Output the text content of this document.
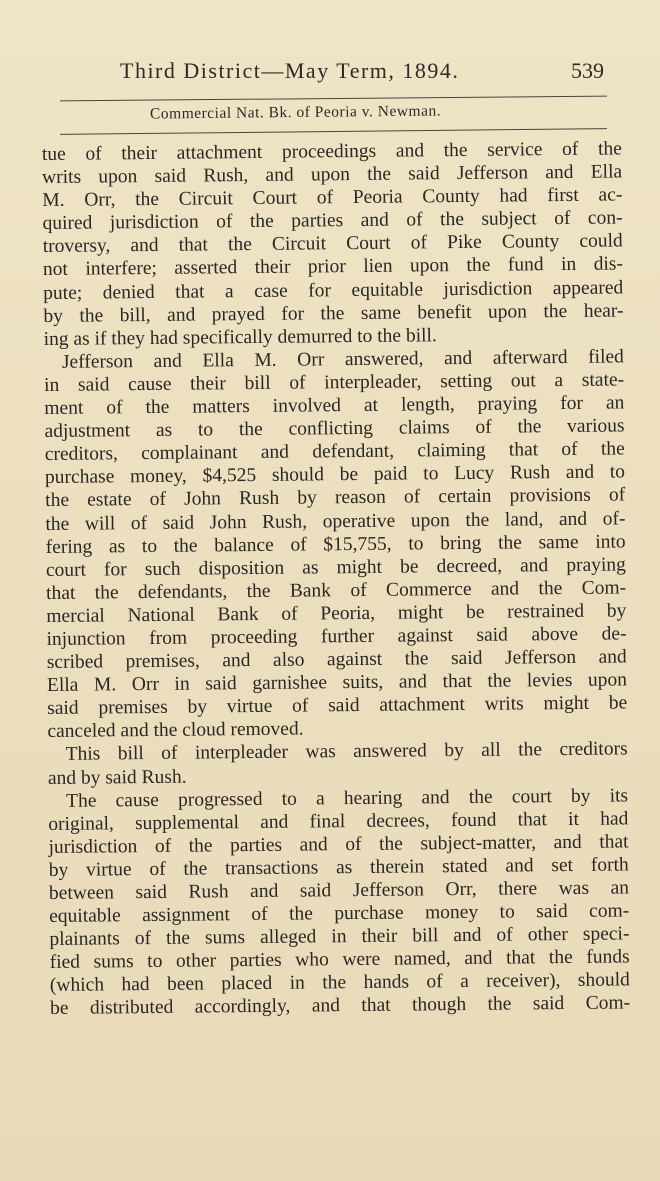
Third District—May Term, 1894.	539
Commercial Nat. Bk. of Peoria v. Newman.
tue of their attachment proceedings and the service of the
writs upon said Rush, and upon the said Jefferson and Ella
M. Orr, the Circuit Court of Peoria County had first ac-
quired jurisdiction of the parties and of the subject of con-
troversy, and that the Circuit Court of Pike County could
not interfere; asserted their prior lien upon the fund in dis-
pute; denied that a case for equitable jurisdiction appeared
by the bill, and prayed for the same benefit upon the hear-
ing as if they had specifically demurred to the bill.
Jefferson and Ella M. Orr answered, and afterward filed
in said cause their bill of interpleader, setting out a state-
ment of the matters involved at length, praying for an
adjustment as to the conflicting claims of the various
creditors, complainant and defendant, claiming that of the
purchase money, $4,525 should be paid to Lucy Rush and to
the estate of John Rush by reason of certain provisions of
the will of said John Rush, operative upon the land, and of-
fering as to the balance of $15,755, to bring the same into
court for such disposition as might be decreed, and praying
that the defendants, the Bank of Commerce and the Com-
mercial National Bank of Peoria, might be restrained by
injunction from proceeding further against said above de-
scribed premises, and also against the said Jefferson and
Ella M. Orr in said garnishee suits, and that the levies upon
said premises by virtue of said attachment writs might be
canceled and the cloud removed.
This bill of interpleader was answered by all the creditors
and by said Rush.
The cause progressed to a hearing and the court by its
original, supplemental and final decrees, found that it had
jurisdiction of the parties and of the subject-matter, and that
by virtue of the transactions as therein stated and set forth
between said Rush and said Jefferson Orr, there was an
equitable assignment of the purchase money to said com-
plainants of the sums alleged in their bill and of other speci-
fied sums to other parties who were named, and that the funds
(which had been placed in the hands of a receiver), should
be distributed accordingly, and that though the said Com-
